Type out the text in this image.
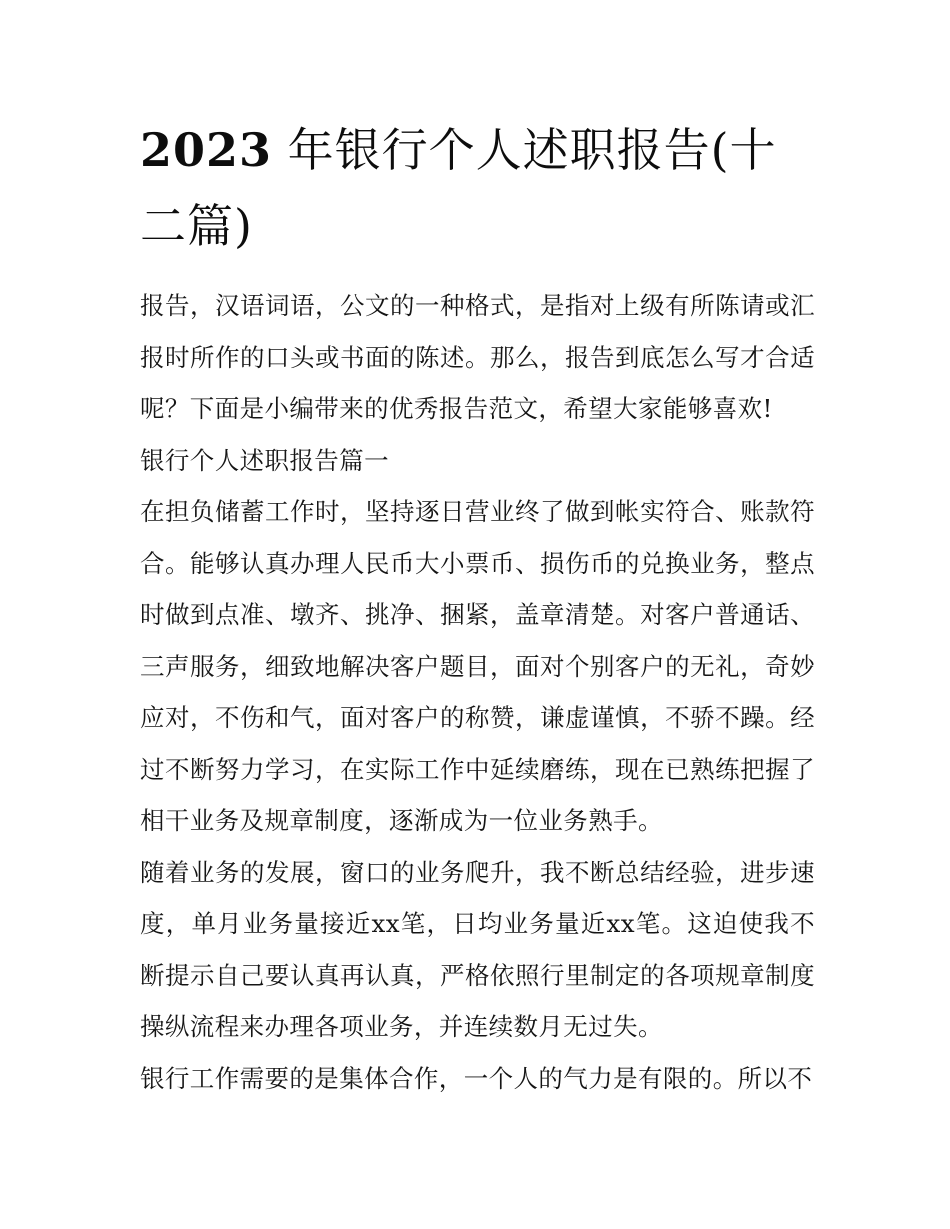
2023 年银行个人述职报告(十二篇)

报告，汉语词语，公文的一种格式，是指对上级有所陈请或汇报时所作的口头或书面的陈述。那么，报告到底怎么写才合适呢？下面是小编带来的优秀报告范文，希望大家能够喜欢!

银行个人述职报告篇一

在担负储蓄工作时，坚持逐日营业终了做到帐实符合、账款符合。能够认真办理人民币大小票币、损伤币的兑换业务，整点时做到点准、墩齐、挑净、捆紧，盖章清楚。对客户普通话、三声服务，细致地解决客户题目，面对个别客户的无礼，奇妙应对，不伤和气，面对客户的称赞，谦虚谨慎，不骄不躁。经过不断努力学习，在实际工作中延续磨练，现在已熟练把握了相干业务及规章制度，逐渐成为一位业务熟手。

随着业务的发展，窗口的业务爬升，我不断总结经验，进步速度，单月业务量接近xx笔，日均业务量近xx笔。这迫使我不断提示自己要认真再认真，严格依照行里制定的各项规章制度操纵流程来办理各项业务，并连续数月无过失。

银行工作需要的是集体合作，一个人的气力是有限的。所以不
